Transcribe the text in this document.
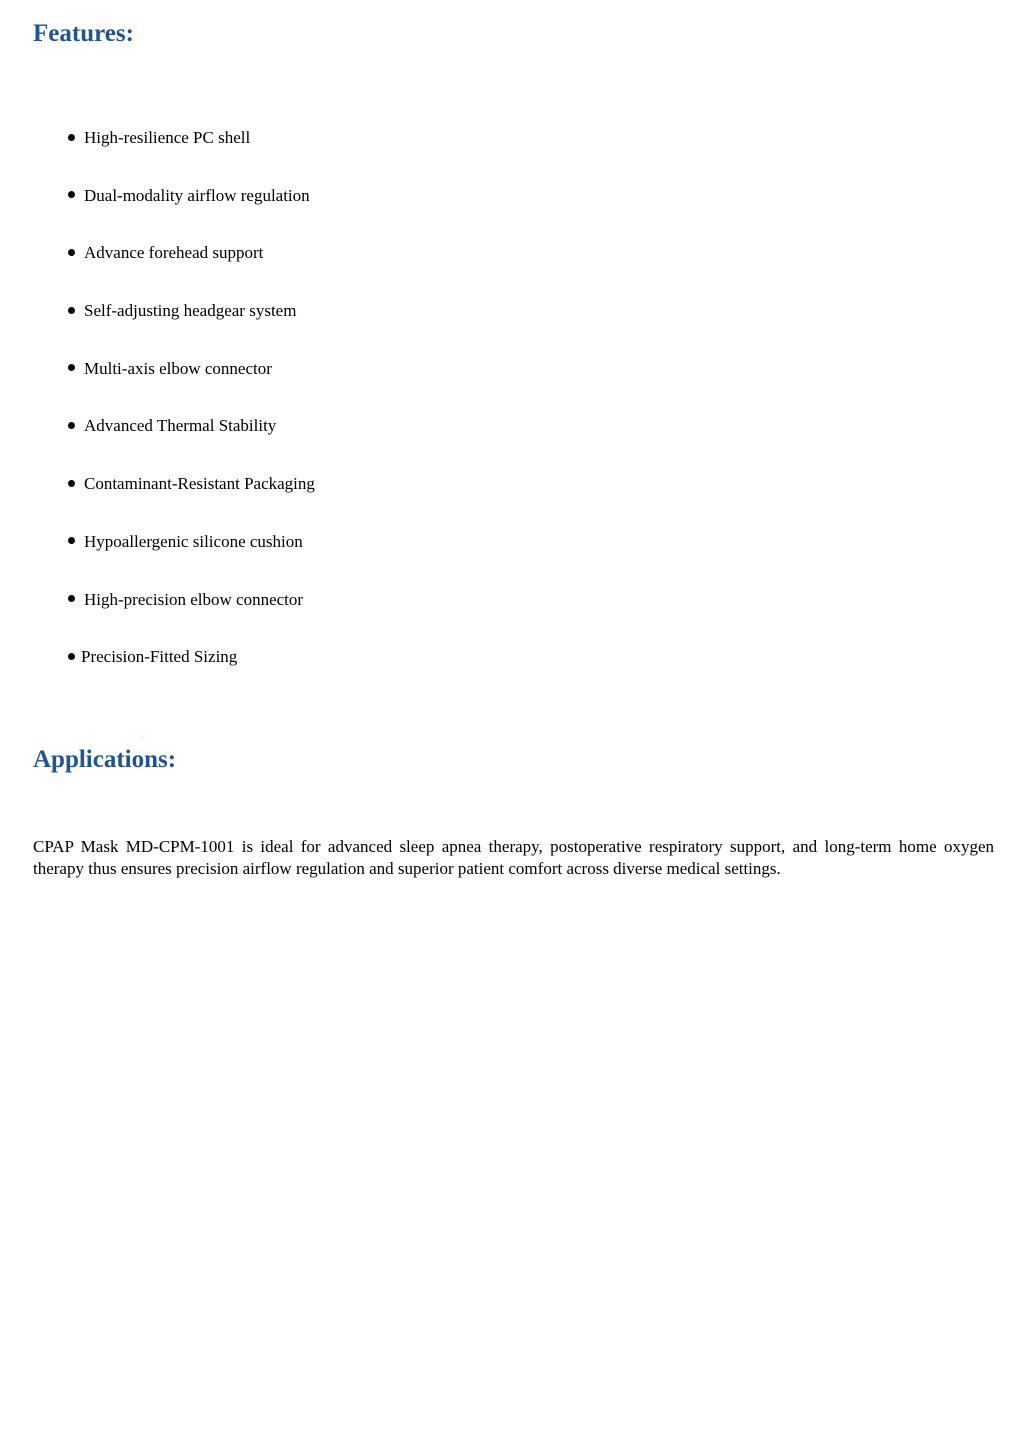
Features:
High-resilience PC shell
Dual-modality airflow regulation
Advance forehead support
Self-adjusting headgear system
Multi-axis elbow connector
Advanced Thermal Stability
Contaminant-Resistant Packaging
Hypoallergenic silicone cushion
High-precision elbow connector
Precision-Fitted Sizing
Applications:

CPAP Mask MD-CPM-1001 is ideal for advanced sleep apnea therapy, postoperative respiratory support, and long-term home oxygen therapy thus ensures precision airflow regulation and superior patient comfort across diverse medical settings.
